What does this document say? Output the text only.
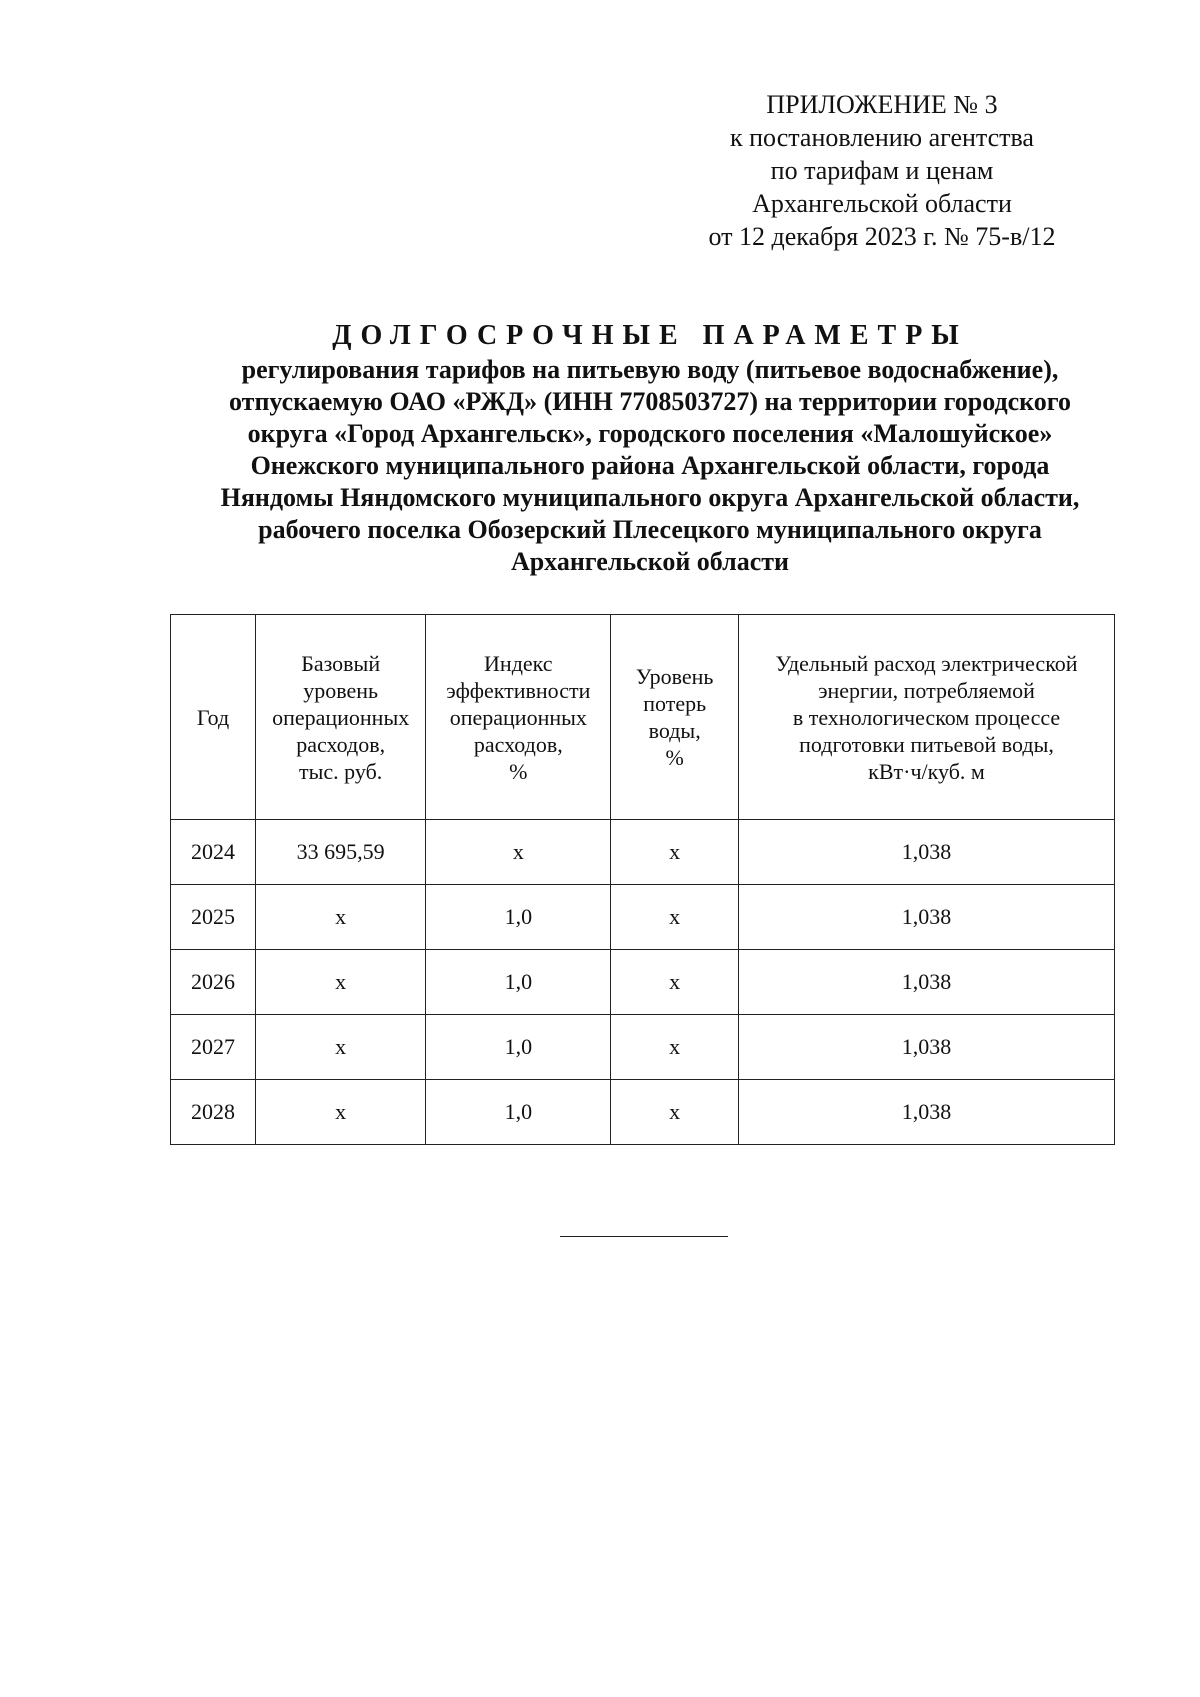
ПРИЛОЖЕНИЕ № 3
к постановлению агентства
по тарифам и ценам
Архангельской области
от 12 декабря 2023 г. № 75-в/12
ДОЛГОСРОЧНЫЕ ПАРАМЕТРЫ
регулирования тарифов на питьевую воду (питьевое водоснабжение),
отпускаемую ОАО «РЖД» (ИНН 7708503727) на территории городского
округа «Город Архангельск», городского поселения «Малошуйское»
Онежского муниципального района Архангельской области, города
Няндомы Няндомского муниципального округа Архангельской области,
рабочего поселка Обозерский Плесецкого муниципального округа
Архангельской области
Год	Базовый
уровень
операционных
расходов,
тыс. руб.	Индекс
эффективности
операционных
расходов,
%	Уровень
потерь
воды,
%	Удельный расход электрической
энергии, потребляемой
в технологическом процессе
подготовки питьевой воды,
кВт·ч/куб. м

2024	33 695,59	х	х	1,038
2025	х	1,0	х	1,038
2026	х	1,0	х	1,038
2027	х	1,0	х	1,038
2028	х	1,0	х	1,038
